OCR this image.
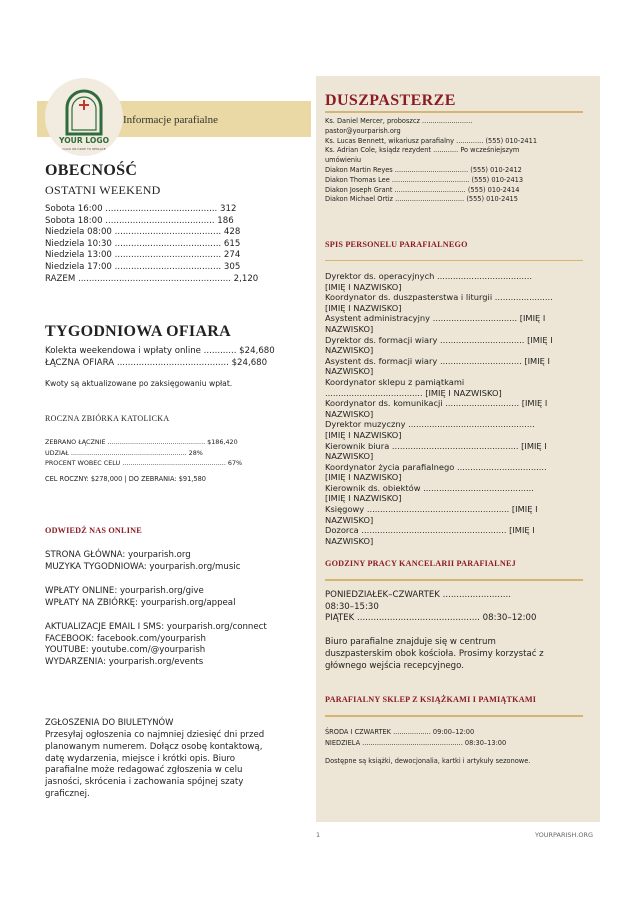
Informacje parafialne
YOUR LOGO
CLICK OR DROP TO REPLACE
OBECNOŚĆ
OSTATNI WEEKEND
Sobota 16:00 ......................................... 312
Sobota 18:00 ........................................ 186
Niedziela 08:00 ....................................... 428
Niedziela 10:30 ....................................... 615
Niedziela 13:00 ....................................... 274
Niedziela 17:00 ....................................... 305
RAZEM ........................................................ 2,120
TYGODNIOWA OFIARA
Kolekta weekendowa i wpłaty online ............ $24,680
ŁĄCZNA OFIARA ......................................... $24,680
Kwoty są aktualizowane po zaksięgowaniu wpłat.
ROCZNA ZBIÓRKA KATOLICKA
ZEBRANO ŁĄCZNIE ................................................ $186,420
UDZIAŁ ......................................................... 28%
PROCENT WOBEC CELU ................................................... 67%
CEL ROCZNY: $278,000 | DO ZEBRANIA: $91,580
ODWIEDŹ NAS ONLINE
STRONA GŁÓWNA: yourparish.org
MUZYKA TYGODNIOWA: yourparish.org/music
WPŁATY ONLINE: yourparish.org/give
WPŁATY NA ZBIÓRKĘ: yourparish.org/appeal
AKTUALIZACJE EMAIL I SMS: yourparish.org/connect
FACEBOOK: facebook.com/yourparish
YOUTUBE: youtube.com/@yourparish
WYDARZENIA: yourparish.org/events
ZGŁOSZENIA DO BIULETYNÓW
Przesyłaj ogłoszenia co najmniej dziesięć dni przed
planowanym numerem. Dołącz osobę kontaktową,
datę wydarzenia, miejsce i krótki opis. Biuro
parafialne może redagować zgłoszenia w celu
jasności, skrócenia i zachowania spójnej szaty
graficznej.
DUSZPASTERZE
Ks. Daniel Mercer, proboszcz ........................
pastor@yourparish.org
Ks. Lucas Bennett, wikariusz parafialny ............. (555) 010-2411
Ks. Adrian Cole, ksiądz rezydent ............ Po wcześniejszym
umówieniu
Diakon Martin Reyes ................................... (555) 010-2412
Diakon Thomas Lee ..................................... (555) 010-2413
Diakon Joseph Grant .................................. (555) 010-2414
Diakon Michael Ortiz ................................. (555) 010-2415
SPIS PERSONELU PARAFIALNEGO
Dyrektor ds. operacyjnych ....................................
[IMIĘ I NAZWISKO]
Koordynator ds. duszpasterstwa i liturgii ......................
[IMIĘ I NAZWISKO]
Asystent administracyjny ................................ [IMIĘ I
NAZWISKO]
Dyrektor ds. formacji wiary ................................ [IMIĘ I
NAZWISKO]
Asystent ds. formacji wiary ............................... [IMIĘ I
NAZWISKO]
Koordynator sklepu z pamiątkami
..................................... [IMIĘ I NAZWISKO]
Koordynator ds. komunikacji ............................ [IMIĘ I
NAZWISKO]
Dyrektor muzyczny ................................................
[IMIĘ I NAZWISKO]
Kierownik biura ................................................ [IMIĘ I
NAZWISKO]
Koordynator życia parafialnego ..................................
[IMIĘ I NAZWISKO]
Kierownik ds. obiektów ..........................................
[IMIĘ I NAZWISKO]
Księgowy ...................................................... [IMIĘ I
NAZWISKO]
Dozorca ....................................................... [IMIĘ I
NAZWISKO]
GODZINY PRACY KANCELARII PARAFIALNEJ
PONIEDZIAŁEK–CZWARTEK .........................
08:30–15:30
PIĄTEK ............................................. 08:30–12:00
Biuro parafialne znajduje się w centrum
duszpasterskim obok kościoła. Prosimy korzystać z
głównego wejścia recepcyjnego.
PARAFIALNY SKLEP Z KSIĄŻKAMI I PAMIĄTKAMI
ŚRODA I CZWARTEK .................. 09:00–12:00
NIEDZIELA ................................................ 08:30–13:00
Dostępne są książki, dewocjonalia, kartki i artykuły sezonowe.
1	YOURPARISH.ORG
